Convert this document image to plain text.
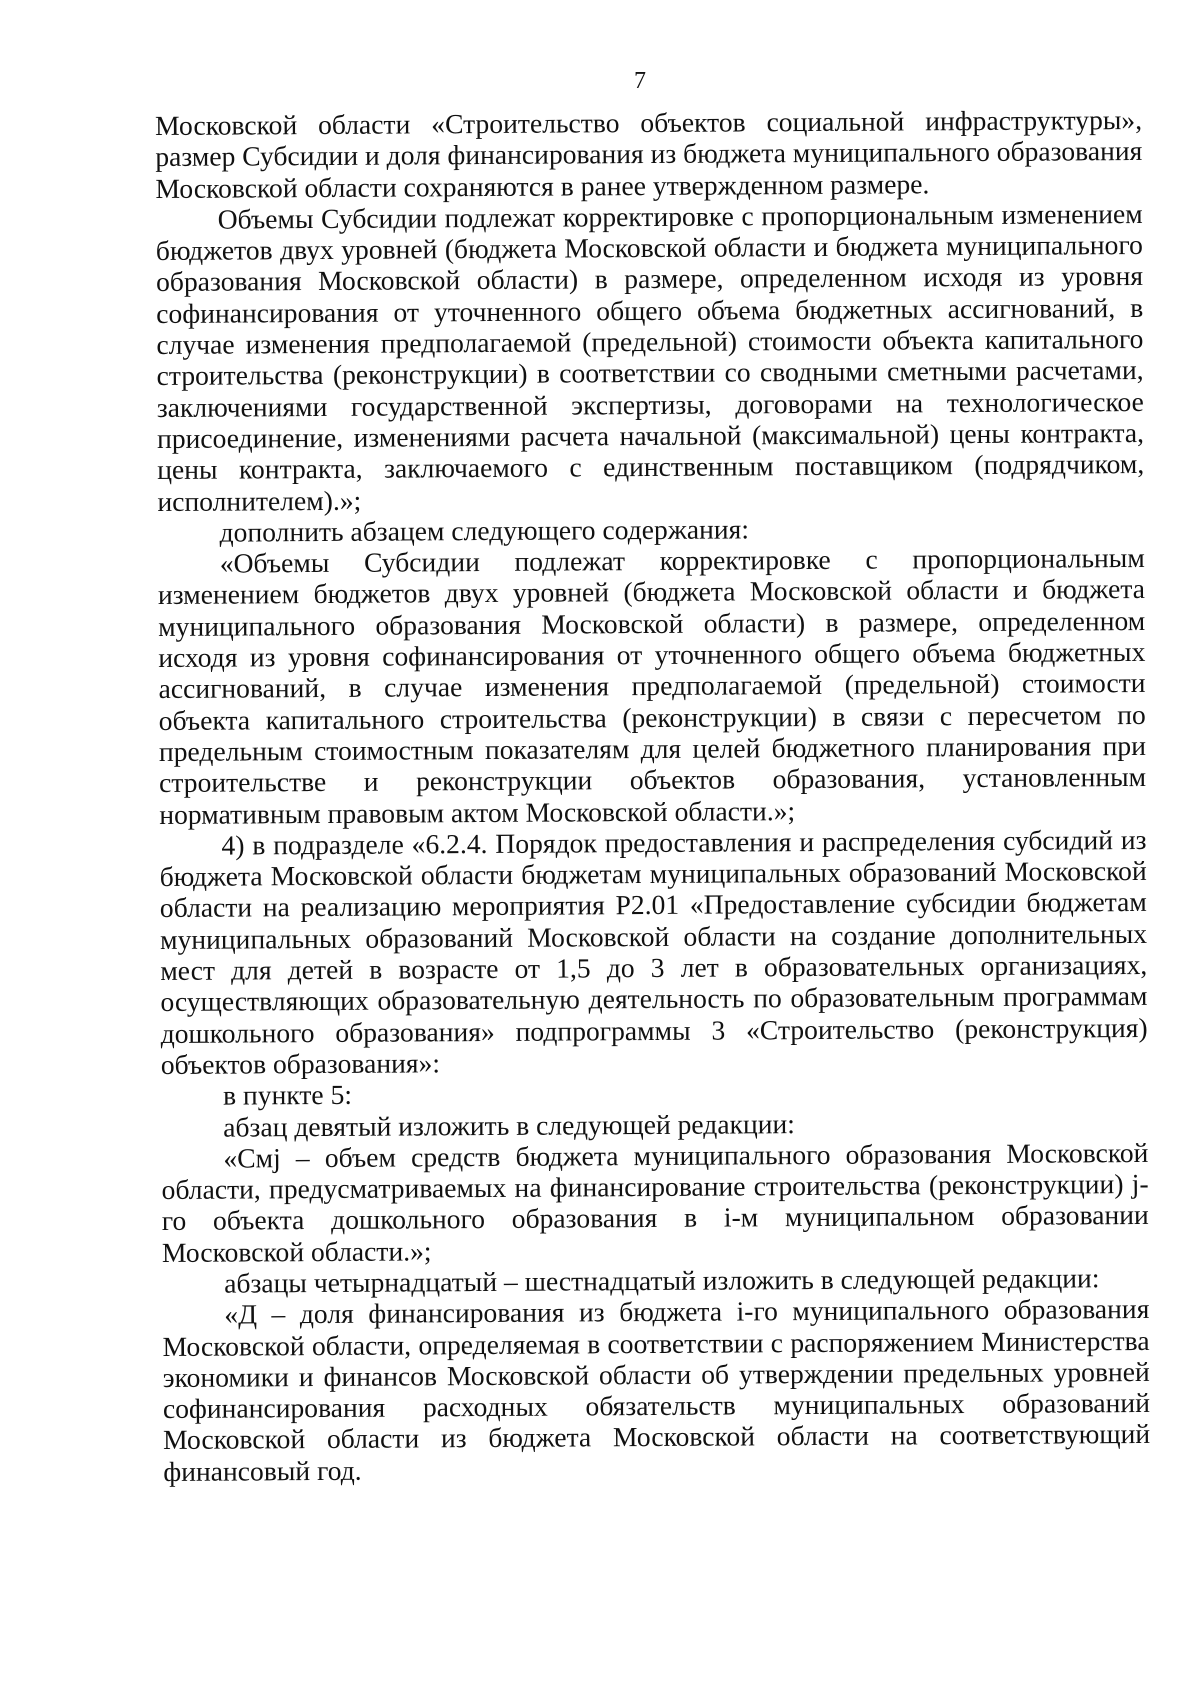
7

Московской области «Строительство объектов социальной инфраструктуры», размер Субсидии и доля финансирования из бюджета муниципального образования Московской области сохраняются в ранее утвержденном размере.

Объемы Субсидии подлежат корректировке с пропорциональным изменением бюджетов двух уровней (бюджета Московской области и бюджета муниципального образования Московской области) в размере, определенном исходя из уровня софинансирования от уточненного общего объема бюджетных ассигнований, в случае изменения предполагаемой (предельной) стоимости объекта капитального строительства (реконструкции) в соответствии со сводными сметными расчетами, заключениями государственной экспертизы, договорами на технологическое присоединение, изменениями расчета начальной (максимальной) цены контракта, цены контракта, заключаемого с единственным поставщиком (подрядчиком, исполнителем).»;

дополнить абзацем следующего содержания:

«Объемы Субсидии подлежат корректировке с пропорциональным изменением бюджетов двух уровней (бюджета Московской области и бюджета муниципального образования Московской области) в размере, определенном исходя из уровня софинансирования от уточненного общего объема бюджетных ассигнований, в случае изменения предполагаемой (предельной) стоимости объекта капитального строительства (реконструкции) в связи с пересчетом по предельным стоимостным показателям для целей бюджетного планирования при строительстве и реконструкции объектов образования, установленным нормативным правовым актом Московской области.»;

4) в подразделе «6.2.4. Порядок предоставления и распределения субсидий из бюджета Московской области бюджетам муниципальных образований Московской области на реализацию мероприятия Р2.01 «Предоставление субсидии бюджетам муниципальных образований Московской области на создание дополнительных мест для детей в возрасте от 1,5 до 3 лет в образовательных организациях, осуществляющих образовательную деятельность по образовательным программам дошкольного образования» подпрограммы 3 «Строительство (реконструкция) объектов образования»:

в пункте 5:

абзац девятый изложить в следующей редакции:

«Cмj – объем средств бюджета муниципального образования Московской области, предусматриваемых на финансирование строительства (реконструкции) j-го объекта дошкольного образования в i-м муниципальном образовании Московской области.»;

абзацы четырнадцатый – шестнадцатый изложить в следующей редакции:

«Д – доля финансирования из бюджета i-го муниципального образования Московской области, определяемая в соответствии с распоряжением Министерства экономики и финансов Московской области об утверждении предельных уровней софинансирования расходных обязательств муниципальных образований Московской области из бюджета Московской области на соответствующий финансовый год.
